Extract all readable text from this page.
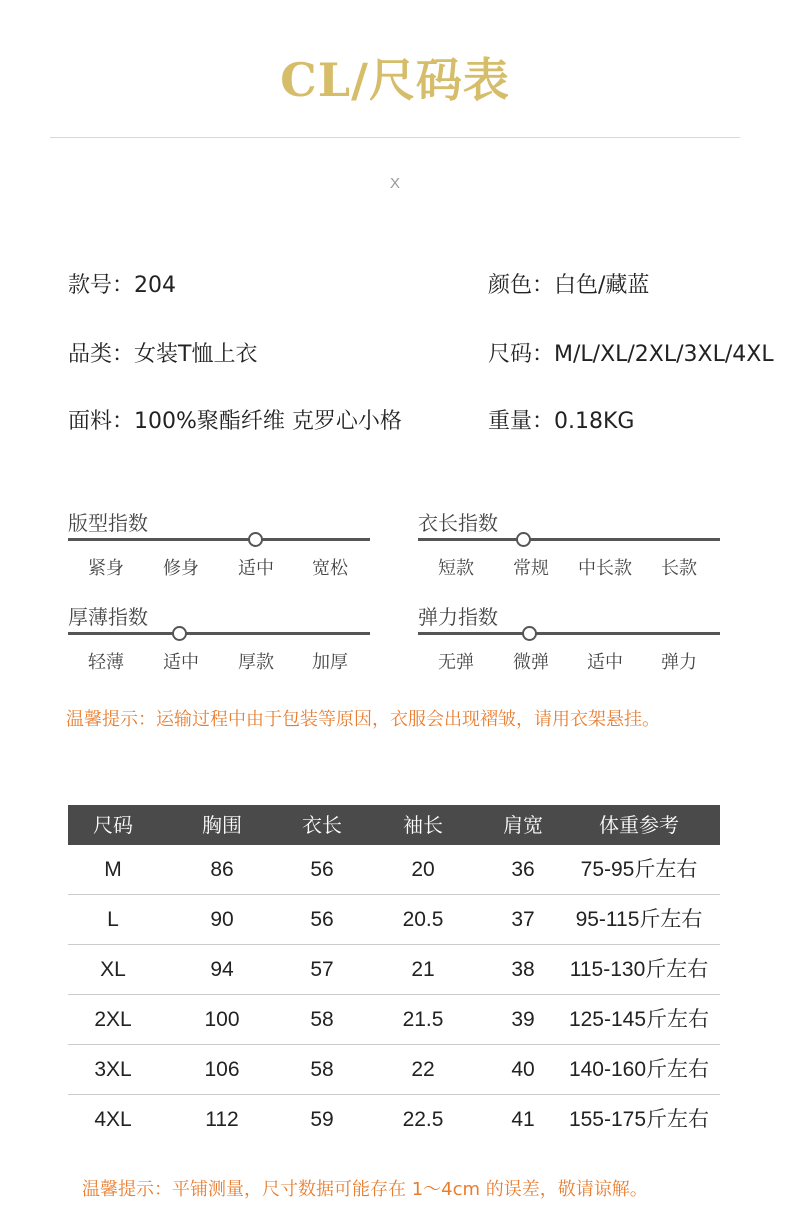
CL/尺码表
X
款号：204	颜色：白色/藏蓝
品类：女装T恤上衣	尺码：M/L/XL/2XL/3XL/4XL
面料：100%聚酯纤维 克罗心小格	重量：0.18KG
版型指数
紧身	修身	适中	宽松
衣长指数
短款	常规	中长款	长款
厚薄指数
轻薄	适中	厚款	加厚
弹力指数
无弹	微弹	适中	弹力
温馨提示：运输过程中由于包装等原因，衣服会出现褶皱，请用衣架悬挂。
尺码	胸围	衣长	袖长	肩宽	体重参考
M	86	56	20	36	75-95斤左右
L	90	56	20.5	37	95-115斤左右
XL	94	57	21	38	115-130斤左右
2XL	100	58	21.5	39	125-145斤左右
3XL	106	58	22	40	140-160斤左右
4XL	112	59	22.5	41	155-175斤左右
温馨提示：平铺测量，尺寸数据可能存在 1～4cm 的误差，敬请谅解。
